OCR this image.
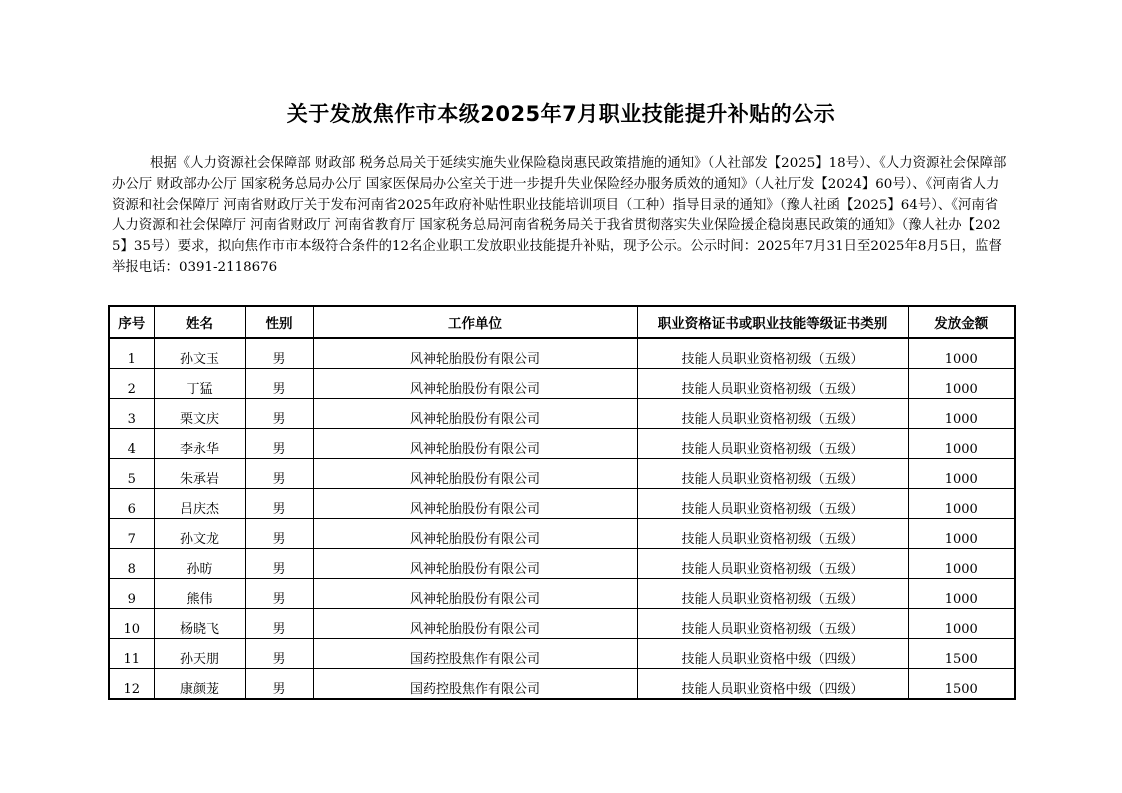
关于发放焦作市本级2025年7月职业技能提升补贴的公示
根据《人力资源社会保障部 财政部 税务总局关于延续实施失业保险稳岗惠民政策措施的通知》（人社部发【2025】18号）、《人力资源社会保障部办公厅 财政部办公厅 国家税务总局办公厅 国家医保局办公室关于进一步提升失业保险经办服务质效的通知》（人社厅发【2024】60号）、《河南省人力资源和社会保障厅 河南省财政厅关于发布河南省2025年政府补贴性职业技能培训项目（工种）指导目录的通知》（豫人社函【2025】64号）、《河南省人力资源和社会保障厅 河南省财政厅 河南省教育厅 国家税务总局河南省税务局关于我省贯彻落实失业保险援企稳岗惠民政策的通知》（豫人社办【2025】35号）要求，拟向焦作市市本级符合条件的12名企业职工发放职业技能提升补贴，现予公示。公示时间：2025年7月31日至2025年8月5日，监督举报电话：0391-2118676
序号	姓名	性别	工作单位	职业资格证书或职业技能等级证书类别	发放金额
1	孙文玉	男	风神轮胎股份有限公司	技能人员职业资格初级（五级）	1000
2	丁猛	男	风神轮胎股份有限公司	技能人员职业资格初级（五级）	1000
3	栗文庆	男	风神轮胎股份有限公司	技能人员职业资格初级（五级）	1000
4	李永华	男	风神轮胎股份有限公司	技能人员职业资格初级（五级）	1000
5	朱承岩	男	风神轮胎股份有限公司	技能人员职业资格初级（五级）	1000
6	吕庆杰	男	风神轮胎股份有限公司	技能人员职业资格初级（五级）	1000
7	孙文龙	男	风神轮胎股份有限公司	技能人员职业资格初级（五级）	1000
8	孙昉	男	风神轮胎股份有限公司	技能人员职业资格初级（五级）	1000
9	熊伟	男	风神轮胎股份有限公司	技能人员职业资格初级（五级）	1000
10	杨晓飞	男	风神轮胎股份有限公司	技能人员职业资格初级（五级）	1000
11	孙天朋	男	国药控股焦作有限公司	技能人员职业资格中级（四级）	1500
12	康颜茏	男	国药控股焦作有限公司	技能人员职业资格中级（四级）	1500
